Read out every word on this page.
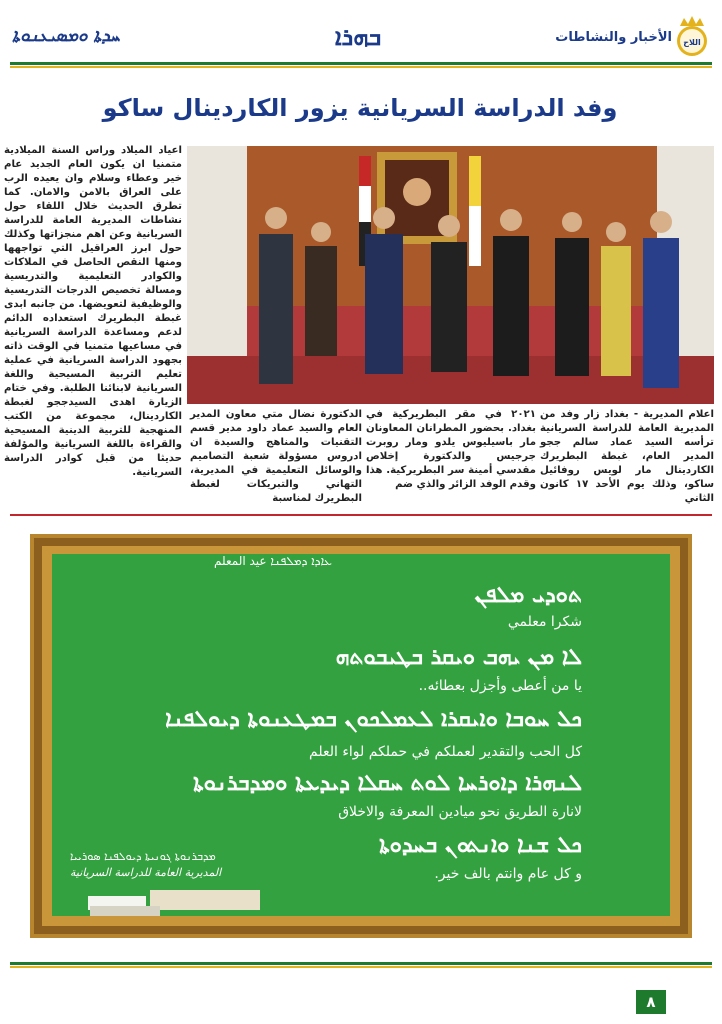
ܚܕܬܐ ܘܡܣܝܥܢܘܬܐ	ܒܗܪܐ	الأخبار والنشاطات اللاح
وفد الدراسة السريانية يزور الكاردينال ساكو
اعياد الميلاد وراس السنة الميلادية متمنيا ان يكون العام الجديد عام خير وعطاء وسلام وان يعيده الرب على العراق بالامن والامان. كما تطرق الحديث خلال اللقاء حول نشاطات المديرية العامة للدراسة السريانية وعن اهم منجزاتها وكذلك حول ابرز العراقيل التي تواجهها ومنها النقص الحاصل في الملاكات والكوادر التعليمية والتدريسية ومسالة تخصيص الدرجات التدريسية والوظيفية لتعويضها. من جانبه ابدى غبطة البطريرك استعداده الدائم لدعم ومساعدة الدراسة السريانية في مساعيها متمنيا في الوقت ذاته بجهود الدراسة السريانية في عملية تعليم التربية المسيحية واللغة السريانية لابنائنا الطلبة. وفي ختام الزيارة اهدى السيدججو لغبطة الكاردينال، مجموعة من الكتب المنهجية للتربية الدينية المسيحية والقراءة باللغة السريانية والمؤلفة حديثا من قبل كوادر الدراسة السريانية.
اعلام المديرية - بغداد زار وفد من المديرية العامة للدراسة السريانية ترأسه السيد عماد سالم ججو المدير العام، غبطة البطريرك الكاردينال مار لويس روفائيل ساكو، وذلك يوم الأحد ١٧ كانون الثاني
٢٠٢١ في مقر البطريركية في بغداد. بحضور المطرانان المعاونان مار باسيليوس يلدو ومار روبرت جرجيس والدكتورة إخلاص مقدسي أمينة سر البطريركية. هذا وقدم الوفد الزائر والذي ضم
الدكتورة نضال متي معاون المدير العام والسيد عماد داود مدير قسم التقنيات والمناهج والسيدة ان ادروس مسؤولة شعبة التصاميم والوسائل التعليمية في المديرية، التهاني والتبريكات لغبطة البطريرك لمناسبة
ܥܐܕܐ ܕܡܠܦܢܐ عيد المعلم
ܬܘܕܝ ܡܠܦܢ
شكرا معلمي
ܠܐ ܡܢ ܝܗܒ ܘܝܩܪ ܒܛܝܒܘܬܗ
يا من أعطى وأجزل بعطائه..
ܟܠ ܚܘܒܐ ܘܐܝܩܪܐ ܠܥܡܠܟܘܢ ܒܡܛܥܢܘܬܐ ܕܝܘܠܦܢܐ
كل الحب والتقدير لعملكم في حملكم لواء العلم
ܠܢܗܪܐ ܕܐܘܪܚܐ ܠܘܬ ܚܩܠܐ ܕܝܕܥܬܐ ܘܡܕܒܪܢܘܬܐ
لانارة الطريق نحو ميادين المعرفة والاخلاق
ܟܠ ܫܢܐ ܘܐܢܬܘܢ ܒܚܕܘܬܐ
و كل عام وانتم بالف خير.
ܡܕܒܪܢܘܬܐ ܓܘܢܝܬܐ ܕܝܘܠܦܢܐ ܣܘܪܝܝܐ
المديرية العامة للدراسة السريانية
٨
